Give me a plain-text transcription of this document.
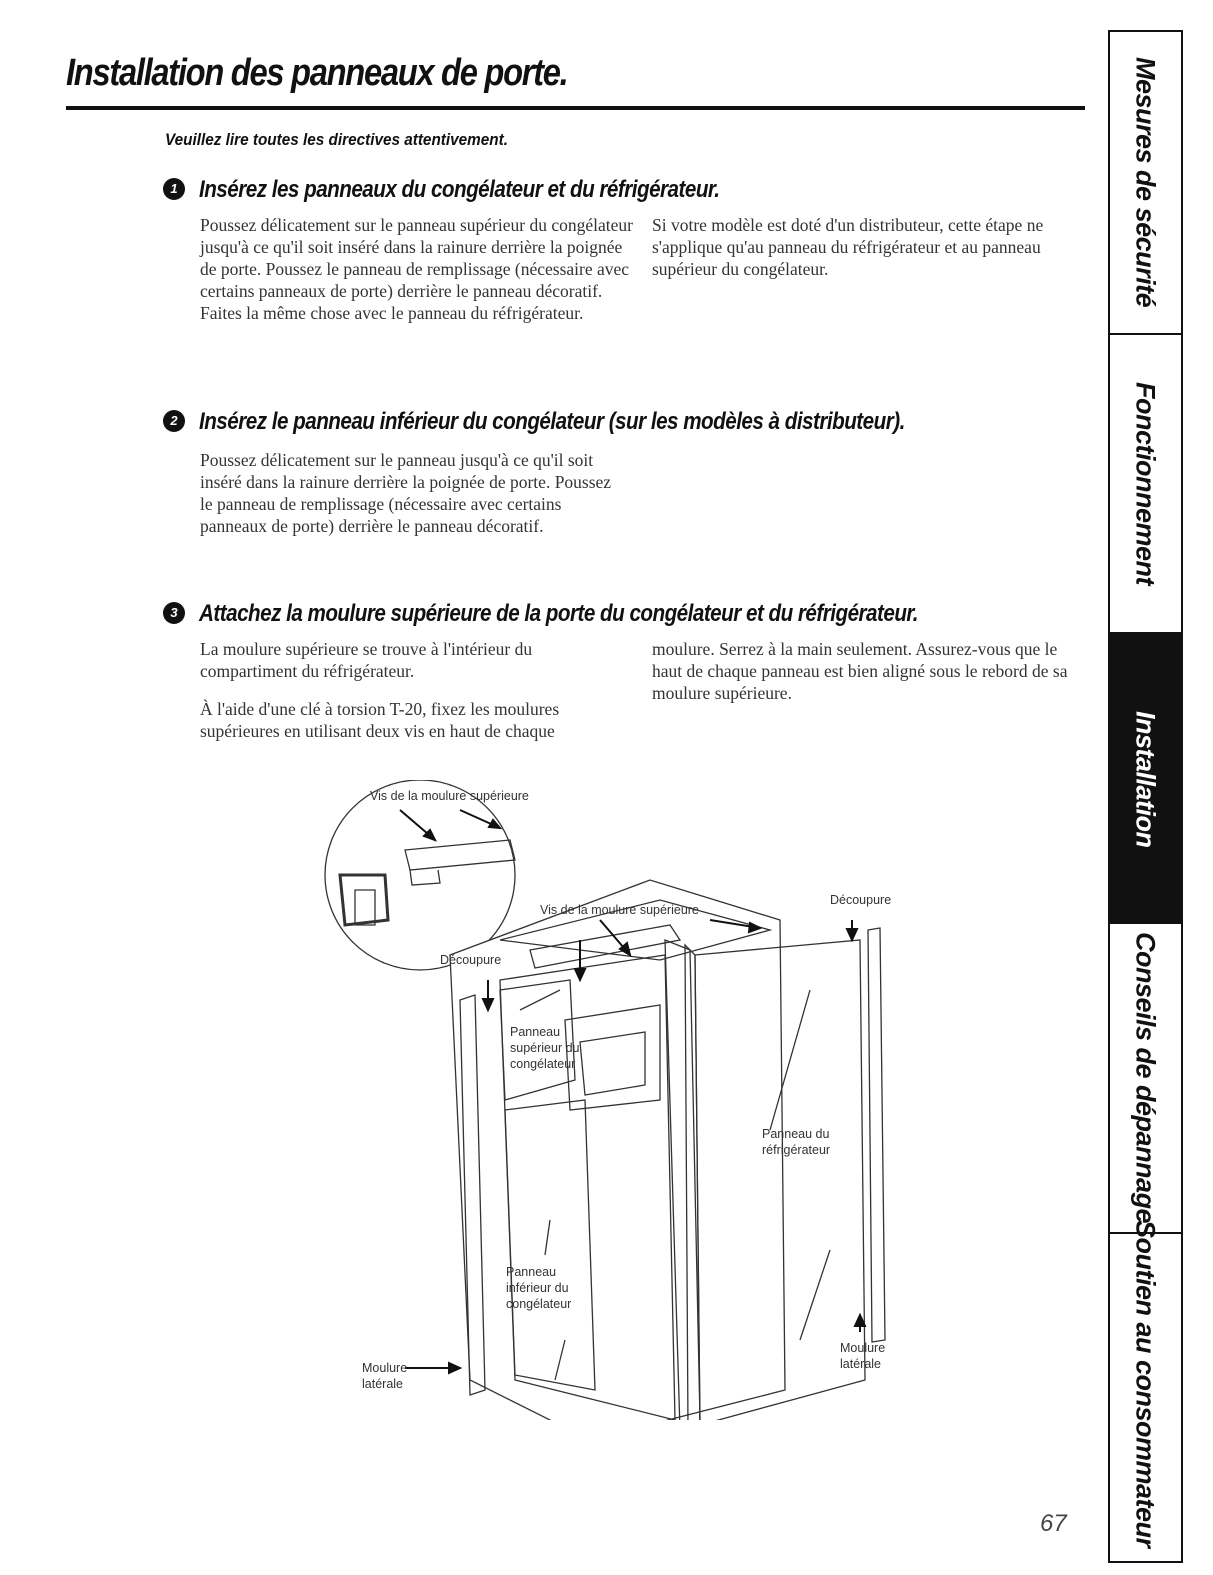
Installation des panneaux de porte.

Veuillez lire toutes les directives attentivement.

1 Insérez les panneaux du congélateur et du réfrigérateur.

Poussez délicatement sur le panneau supérieur du congélateur jusqu'à ce qu'il soit inséré dans la rainure derrière la poignée de porte. Poussez le panneau de remplissage (nécessaire avec certains panneaux de porte) derrière le panneau décoratif. Faites la même chose avec le panneau du réfrigérateur.

Si votre modèle est doté d'un distributeur, cette étape ne s'applique qu'au panneau du réfrigérateur et au panneau supérieur du congélateur.

2 Insérez le panneau inférieur du congélateur (sur les modèles à distributeur).

Poussez délicatement sur le panneau jusqu'à ce qu'il soit inséré dans la rainure derrière la poignée de porte. Poussez le panneau de remplissage (nécessaire avec certains panneaux de porte) derrière le panneau décoratif.

3 Attachez la moulure supérieure de la porte du congélateur et du réfrigérateur.

La moulure supérieure se trouve à l'intérieur du compartiment du réfrigérateur.

À l'aide d'une clé à torsion T-20, fixez les moulures supérieures en utilisant deux vis en haut de chaque

moulure. Serrez à la main seulement. Assurez-vous que le haut de chaque panneau est bien aligné sous le rebord de sa moulure supérieure.

Vis de la moulure supérieure
Vis de la moulure supérieure
Découpure
Découpure
Panneau
supérieur du
congélateur
Panneau du
réfrigérateur
Panneau
inférieur du
congélateur
Moulure
latérale
Moulure
latérale
Mesures de sécurité
Fonctionnement
Installation
Conseils de dépannage
Soutien au consommateur
67
